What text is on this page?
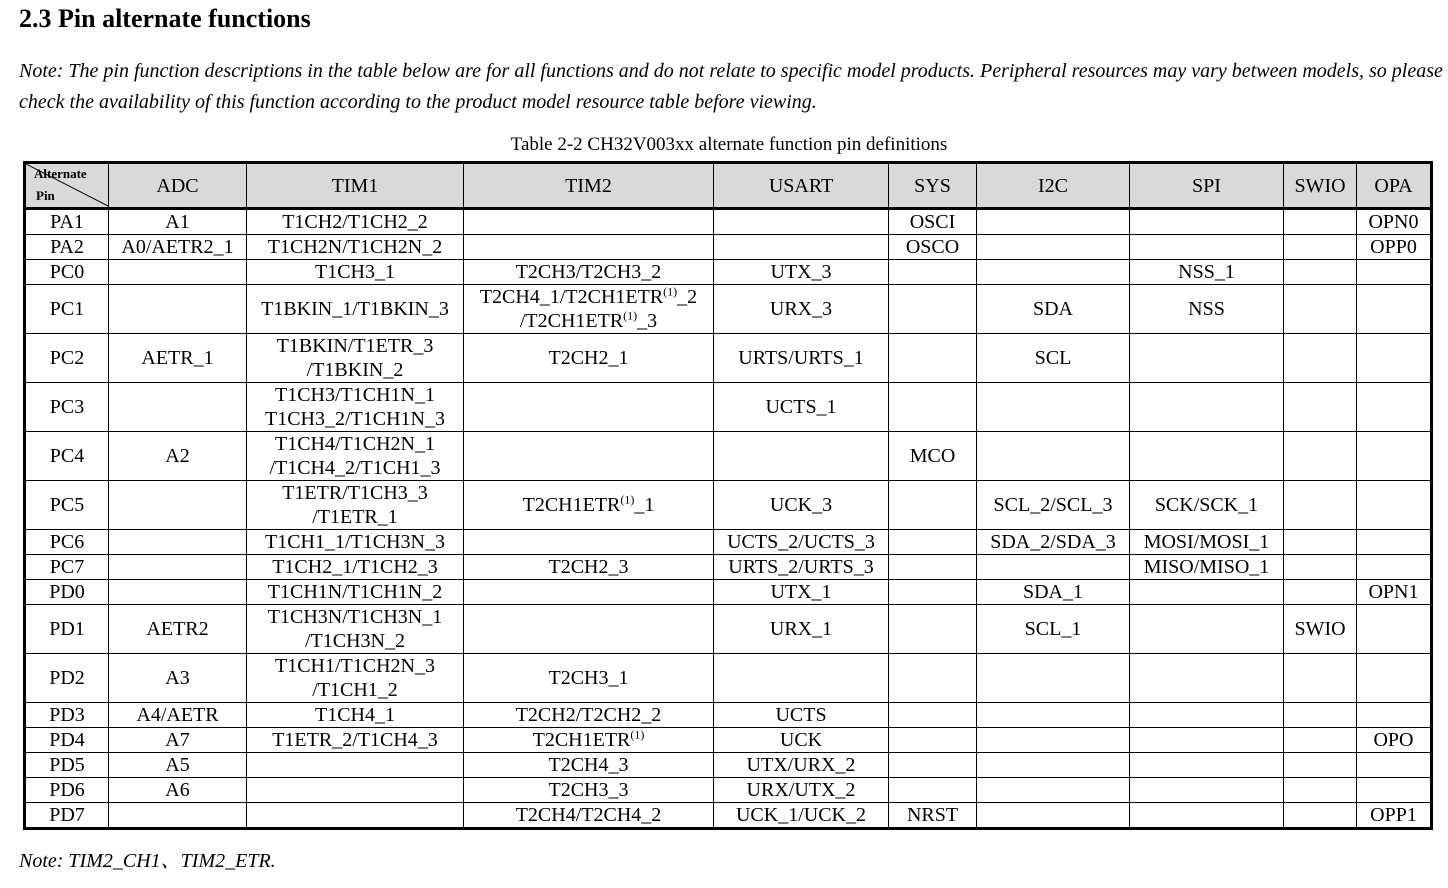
2.3 Pin alternate functions

Note: The pin function descriptions in the table below are for all functions and do not relate to specific model products. Peripheral resources may vary between models, so please check the availability of this function according to the product model resource table before viewing.

Table 2-2 CH32V003xx alternate function pin definitions
Alternate
Pin	ADC	TIM1	TIM2	USART	SYS	I2C	SPI	SWIO	OPA
PA1	A1	T1CH2/T1CH2_2			OSCI				OPN0

PA2	A0/AETR2_1	T1CH2N/T1CH2N_2			OSCO				OPP0

PC0		T1CH3_1	T2CH3/T2CH3_2	UTX_3			NSS_1		

PC1		T1BKIN_1/T1BKIN_3	T2CH4_1/T2CH1ETR$^{(1)}$_2
/T2CH1ETR$^{(1)}$_3	URX_3		SDA	NSS		

PC2	AETR_1	T1BKIN/T1ETR_3
/T1BKIN_2	T2CH2_1	URTS/URTS_1		SCL			

PC3		T1CH3/T1CH1N_1
T1CH3_2/T1CH1N_3		UCTS_1					

PC4	A2	T1CH4/T1CH2N_1
/T1CH4_2/T1CH1_3			MCO				

PC5		T1ETR/T1CH3_3
/T1ETR_1	T2CH1ETR$^{(1)}$_1	UCK_3		SCL_2/SCL_3	SCK/SCK_1		

PC6		T1CH1_1/T1CH3N_3		UCTS_2/UCTS_3		SDA_2/SDA_3	MOSI/MOSI_1		

PC7		T1CH2_1/T1CH2_3	T2CH2_3	URTS_2/URTS_3			MISO/MISO_1		

PD0		T1CH1N/T1CH1N_2		UTX_1		SDA_1			OPN1

PD1	AETR2	T1CH3N/T1CH3N_1
/T1CH3N_2		URX_1		SCL_1		SWIO	

PD2	A3	T1CH1/T1CH2N_3
/T1CH1_2	T2CH3_1						

PD3	A4/AETR	T1CH4_1	T2CH2/T2CH2_2	UCTS					

PD4	A7	T1ETR_2/T1CH4_3	T2CH1ETR$^{(1)}$	UCK					OPO

PD5	A5		T2CH4_3	UTX/URX_2					

PD6	A6		T2CH3_3	URX/UTX_2					

PD7			T2CH4/T2CH4_2	UCK_1/UCK_2	NRST				OPP1
Note: TIM2_CH1、TIM2_ETR.
